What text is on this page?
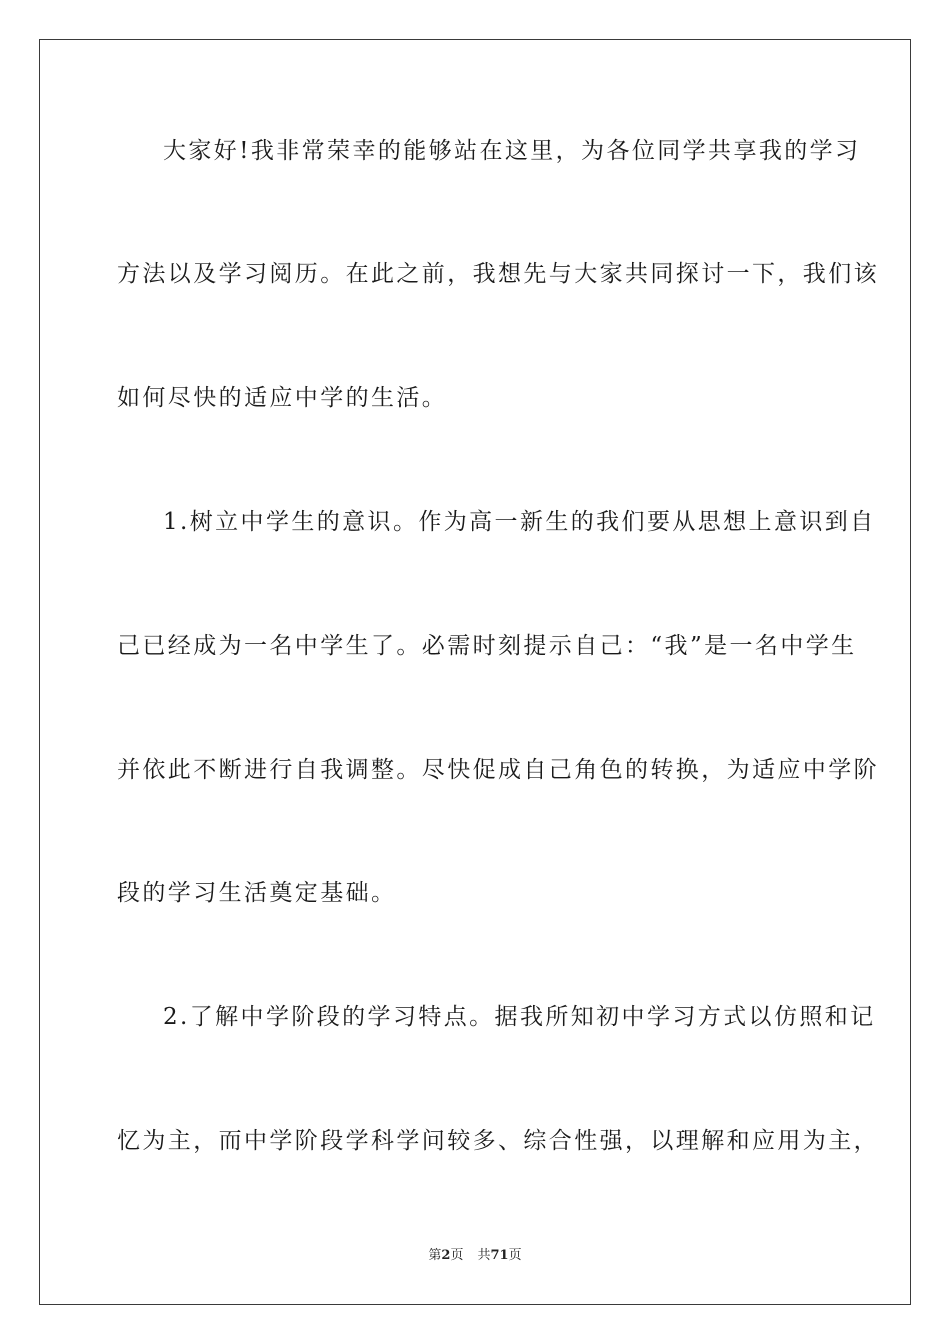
大家好!我非常荣幸的能够站在这里，为各位同学共享我的学习
方法以及学习阅历。在此之前，我想先与大家共同探讨一下，我们该
如何尽快的适应中学的生活。
1.树立中学生的意识。作为高一新生的我们要从思想上意识到自
己已经成为一名中学生了。必需时刻提示自己：“我”是一名中学生
并依此不断进行自我调整。尽快促成自己角色的转换，为适应中学阶
段的学习生活奠定基础。
2.了解中学阶段的学习特点。据我所知初中学习方式以仿照和记
忆为主，而中学阶段学科学问较多、综合性强，以理解和应用为主，
第2页 共71页
